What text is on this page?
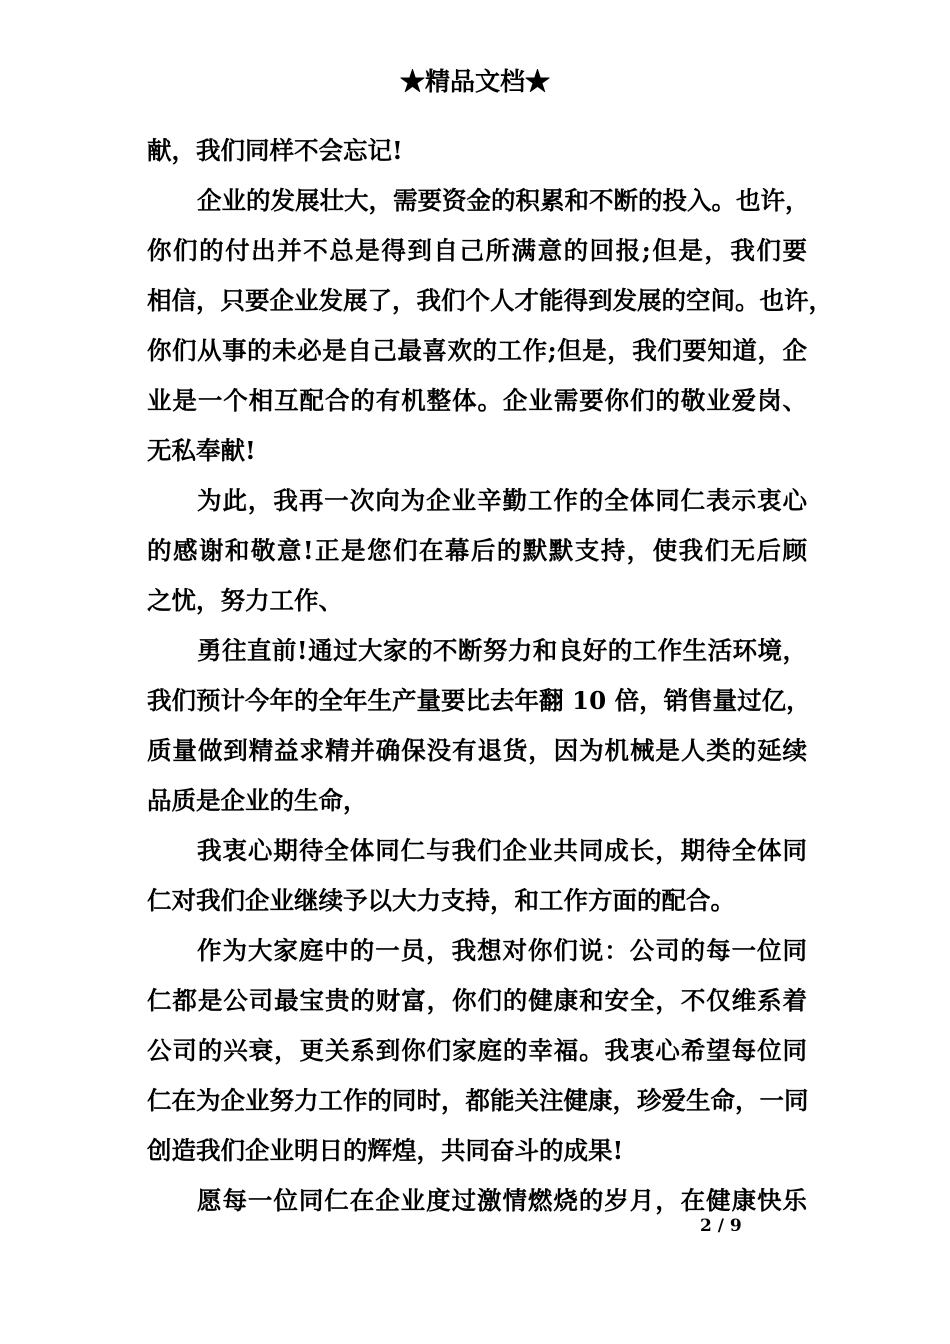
★精品文档★
献，我们同样不会忘记!
企业的发展壮大，需要资金的积累和不断的投入。也许，
你们的付出并不总是得到自己所满意的回报;但是，我们要
相信，只要企业发展了，我们个人才能得到发展的空间。也许，
你们从事的未必是自己最喜欢的工作;但是，我们要知道，企
业是一个相互配合的有机整体。企业需要你们的敬业爱岗、
无私奉献!
为此，我再一次向为企业辛勤工作的全体同仁表示衷心
的感谢和敬意!正是您们在幕后的默默支持，使我们无后顾
之忧，努力工作、
勇往直前!通过大家的不断努力和良好的工作生活环境，
我们预计今年的全年生产量要比去年翻 10 倍，销售量过亿，
质量做到精益求精并确保没有退货，因为机械是人类的延续
品质是企业的生命，
我衷心期待全体同仁与我们企业共同成长，期待全体同
仁对我们企业继续予以大力支持，和工作方面的配合。
作为大家庭中的一员，我想对你们说：公司的每一位同
仁都是公司最宝贵的财富，你们的健康和安全，不仅维系着
公司的兴衰，更关系到你们家庭的幸福。我衷心希望每位同
仁在为企业努力工作的同时，都能关注健康，珍爱生命，一同
创造我们企业明日的辉煌，共同奋斗的成果!
愿每一位同仁在企业度过激情燃烧的岁月，在健康快乐
2 / 9
